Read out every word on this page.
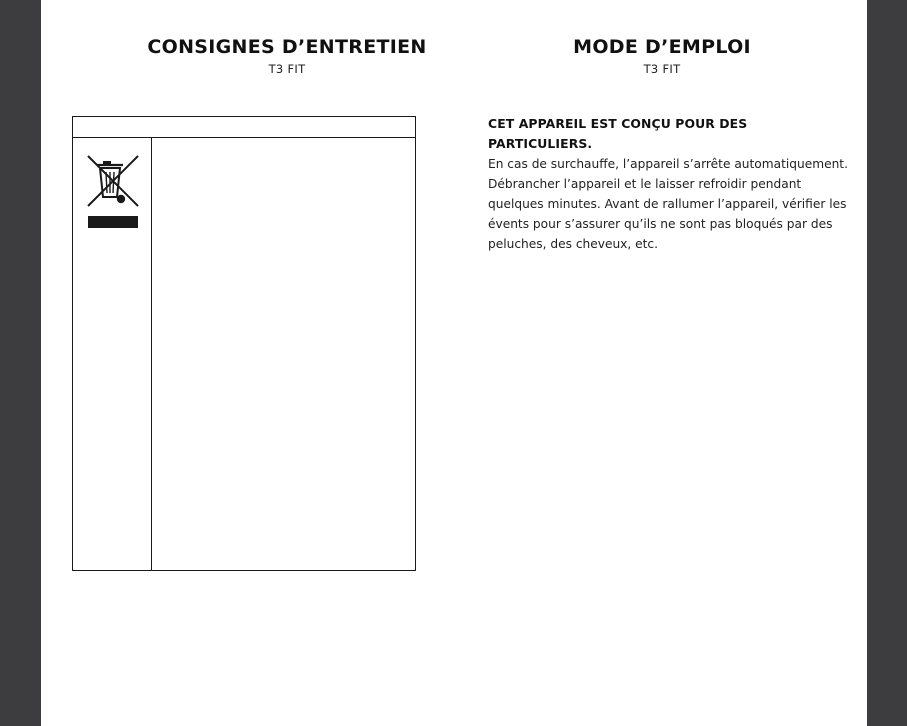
CONSIGNES D’ENTRETIEN
T3 FIT
MODE D’EMPLOI
T3 FIT
CET APPAREIL EST CONÇU POUR DES PARTICULIERS.
En cas de surchauffe, l’appareil s’arrête automatiquement.
Débrancher l’appareil et le laisser refroidir pendant
quelques minutes. Avant de rallumer l’appareil, vérifier les
évents pour s’assurer qu’ils ne sont pas bloqués par des
peluches, des cheveux, etc.
